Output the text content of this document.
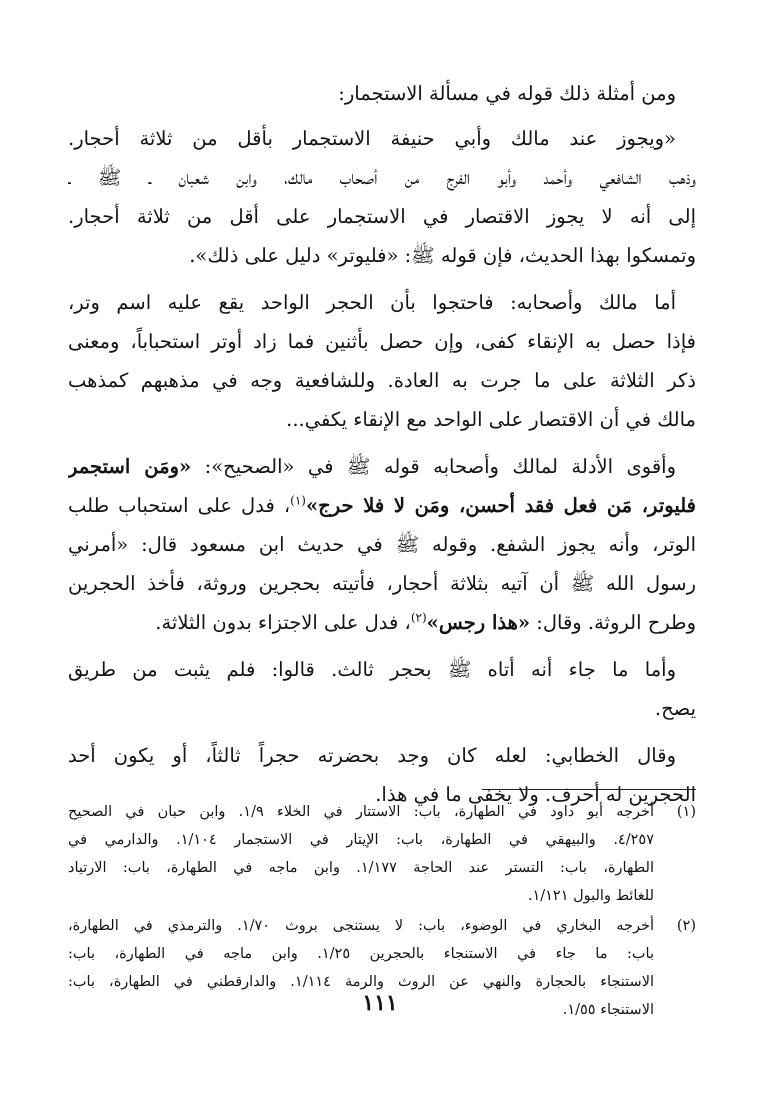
ومن أمثلة ذلك قوله في مسألة الاستجمار:
«ويجوز عند مالك وأبي حنيفة الاستجمار بأقل من ثلاثة أحجار.
وذهب الشافعي وأحمد وأبو الفرج من أصحاب مالك، وابن شعبان ـ ﷺ ـ
إلى أنه لا يجوز الاقتصار في الاستجمار على أقل من ثلاثة أحجار.
وتمسكوا بهذا الحديث، فإن قوله ﷺ: «فليوتر» دليل على ذلك».
أما مالك وأصحابه: فاحتجوا بأن الحجر الواحد يقع عليه اسم وتر،
فإذا حصل به الإنقاء كفى، وإن حصل بأثنين فما زاد أوتر استحباباً، ومعنى
ذكر الثلاثة على ما جرت به العادة. وللشافعية وجه في مذهبهم كمذهب
مالك في أن الاقتصار على الواحد مع الإنقاء يكفي...
وأقوى الأدلة لمالك وأصحابه قوله ﷺ في «الصحيح»: «ومَن استجمر
فليوتر، مَن فعل فقد أحسن، ومَن لا فلا حرج»$^{(١)}$، فدل على استحباب طلب
الوتر، وأنه يجوز الشفع. وقوله ﷺ في حديث ابن مسعود قال: «أمرني
رسول الله ﷺ أن آتيه بثلاثة أحجار، فأتيته بحجرين وروثة، فأخذ الحجرين
وطرح الروثة. وقال: «هذا رجس»$^{(٢)}$، فدل على الاجتزاء بدون الثلاثة.
وأما ما جاء أنه أتاه ﷺ بحجر ثالث. قالوا: فلم يثبت من طريق
يصح.
وقال الخطابي: لعله كان وجد بحضرته حجراً ثالثاً، أو يكون أحد
الحجرين له أحرف. ولا يخفى ما في هذا.
(١)
أخرجه أبو داود في الطهارة، باب: الاستتار في الخلاء ١/٩. وابن حبان في الصحيح
٤/٢٥٧. والبيهقي في الطهارة، باب: الإيتار في الاستجمار ١/١٠٤. والدارمي في
الطهارة، باب: التستر عند الحاجة ١/١٧٧. وابن ماجه في الطهارة، باب: الارتياد
للغائط والبول ١/١٢١.
(٢)
أخرجه البخاري في الوضوء، باب: لا يستنجى بروث ١/٧٠. والترمذي في الطهارة،
باب: ما جاء في الاستنجاء بالحجرين ١/٢٥. وابن ماجه في الطهارة، باب:
الاستنجاء بالحجارة والنهي عن الروث والرمة ١/١١٤. والدارقطني في الطهارة، باب:
الاستنجاء ١/٥٥.
١١١
